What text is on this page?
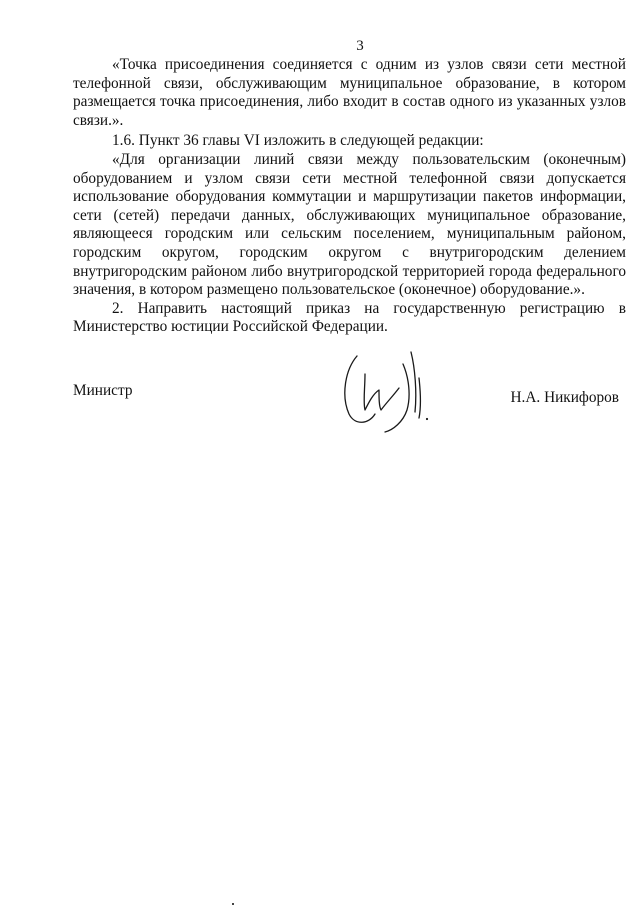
3

«Точка присоединения соединяется с одним из узлов связи сети местной телефонной связи, обслуживающим муниципальное образование, в котором размещается точка присоединения, либо входит в состав одного из указанных узлов связи.».

1.6. Пункт 36 главы VI изложить в следующей редакции:

«Для организации линий связи между пользовательским (оконечным) оборудованием и узлом связи сети местной телефонной связи допускается использование оборудования коммутации и маршрутизации пакетов информации, сети (сетей) передачи данных, обслуживающих муниципальное образование, являющееся городским или сельским поселением, муниципальным районом, городским округом, городским округом с внутригородским делением внутригородским районом либо внутригородской территорией города федерального значения, в котором размещено пользовательское (оконечное) оборудование.».

2. Направить настоящий приказ на государственную регистрацию в Министерство юстиции Российской Федерации.

Министр	Н.А. Никифоров
